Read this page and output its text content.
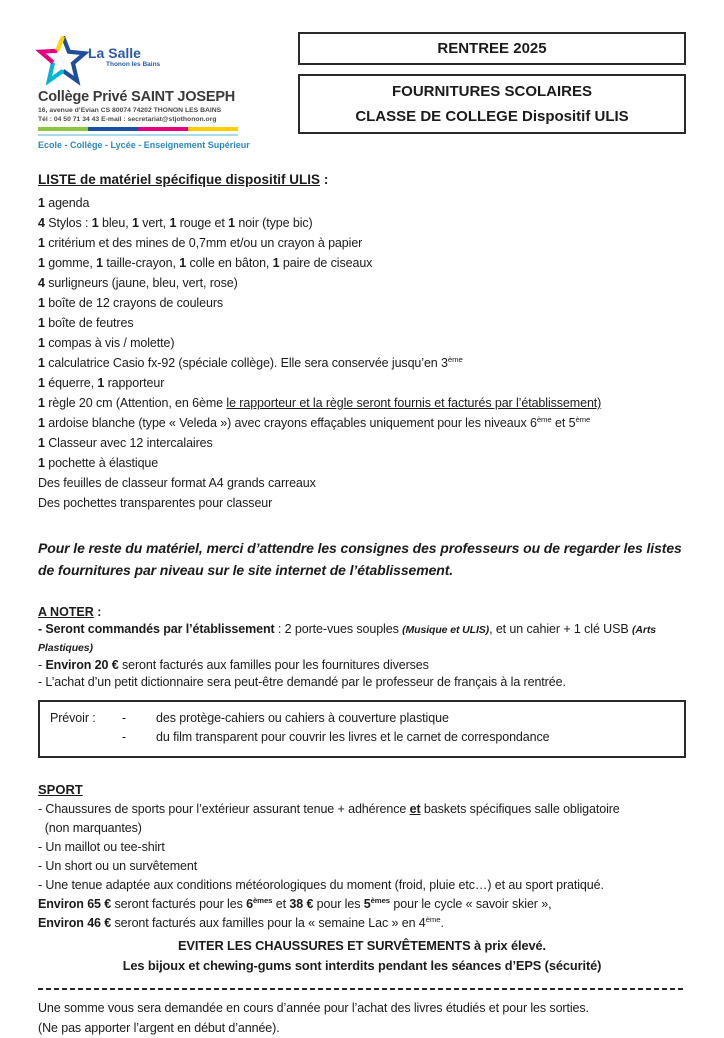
La Salle
Thonon les Bains
Collège Privé SAINT JOSEPH
16, avenue d’Evian CS 80074 74202 THONON LES BAINS
Tél : 04 50 71 34 43 E-mail : secretariat@stjothonon.org
Ecole - Collège - Lycée - Enseignement Supérieur
RENTREE 2025
FOURNITURES SCOLAIRES
CLASSE DE COLLEGE Dispositif ULIS
LISTE de matériel spécifique dispositif ULIS :
1 agenda
4 Stylos : 1 bleu, 1 vert, 1 rouge et 1 noir (type bic)
1 critérium et des mines de 0,7mm et/ou un crayon à papier
1 gomme, 1 taille-crayon, 1 colle en bâton, 1 paire de ciseaux
4 surligneurs (jaune, bleu, vert, rose)
1 boîte de 12 crayons de couleurs
1 boîte de feutres
1 compas à vis / molette)
1 calculatrice Casio fx-92 (spéciale collège). Elle sera conservée jusqu’en 3ème
1 équerre, 1 rapporteur
1 règle 20 cm (Attention, en 6ème le rapporteur et la règle seront fournis et facturés par l’établissement)
1 ardoise blanche (type « Veleda ») avec crayons effaçables uniquement pour les niveaux 6ème et 5ème
1 Classeur avec 12 intercalaires
1 pochette à élastique
Des feuilles de classeur format A4 grands carreaux
Des pochettes transparentes pour classeur

Pour le reste du matériel, merci d’attendre les consignes des professeurs ou de regarder les listes de fournitures par niveau sur le site internet de l’établissement.

A NOTER :
- Seront commandés par l’établissement : 2 porte-vues souples (Musique et ULIS), et un cahier + 1 clé USB (Arts Plastiques)
- Environ 20 € seront facturés aux familles pour les fournitures diverses
- L’achat d’un petit dictionnaire sera peut-être demandé par le professeur de français à la rentrée.
Prévoir :	-	des protège-cahiers ou cahiers à couverture plastique
-	du film transparent pour couvrir les livres et le carnet de correspondance
SPORT
- Chaussures de sports pour l’extérieur assurant tenue + adhérence et baskets spécifiques salle obligatoire
(non marquantes)
- Un maillot ou tee-shirt
- Un short ou un survêtement
- Une tenue adaptée aux conditions météorologiques du moment (froid, pluie etc…) et au sport pratiqué.
Environ 65 € seront facturés pour les 6èmes et 38 € pour les 5èmes pour le cycle « savoir skier »,
Environ 46 € seront facturés aux familles pour la « semaine Lac » en 4ème.
EVITER LES CHAUSSURES ET SURVÊTEMENTS à prix élevé.
Les bijoux et chewing-gums sont interdits pendant les séances d’EPS (sécurité)

Une somme vous sera demandée en cours d’année pour l’achat des livres étudiés et pour les sorties.

(Ne pas apporter l’argent en début d’année).
